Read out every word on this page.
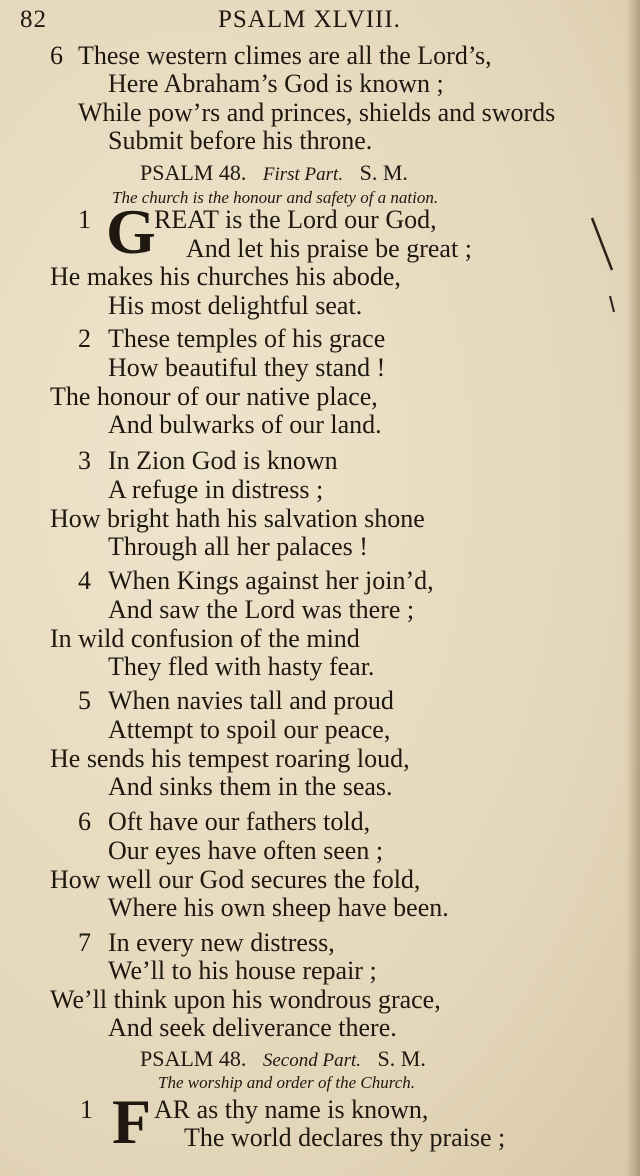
82	PSALM XLVIII.
6 These western climes are all the Lord’s,
Here Abraham’s God is known ;
While pow’rs and princes, shields and swords
Submit before his throne.
PSALM 48. First Part. S. M.
The church is the honour and safety of a nation.
1 G
REAT is the Lord our God,
And let his praise be great ;
He makes his churches his abode,
His most delightful seat.
2 These temples of his grace
How beautiful they stand !
The honour of our native place,
And bulwarks of our land.
3 In Zion God is known
A refuge in distress ;
How bright hath his salvation shone
Through all her palaces !
4 When Kings against her join’d,
And saw the Lord was there ;
In wild confusion of the mind
They fled with hasty fear.
5 When navies tall and proud
Attempt to spoil our peace,
He sends his tempest roaring loud,
And sinks them in the seas.
6 Oft have our fathers told,
Our eyes have often seen ;
How well our God secures the fold,
Where his own sheep have been.
7 In every new distress,
We’ll to his house repair ;
We’ll think upon his wondrous grace,
And seek deliverance there.
PSALM 48. Second Part. S. M.
The worship and order of the Church.
1 F AR as thy name is known,
The world declares thy praise ;
